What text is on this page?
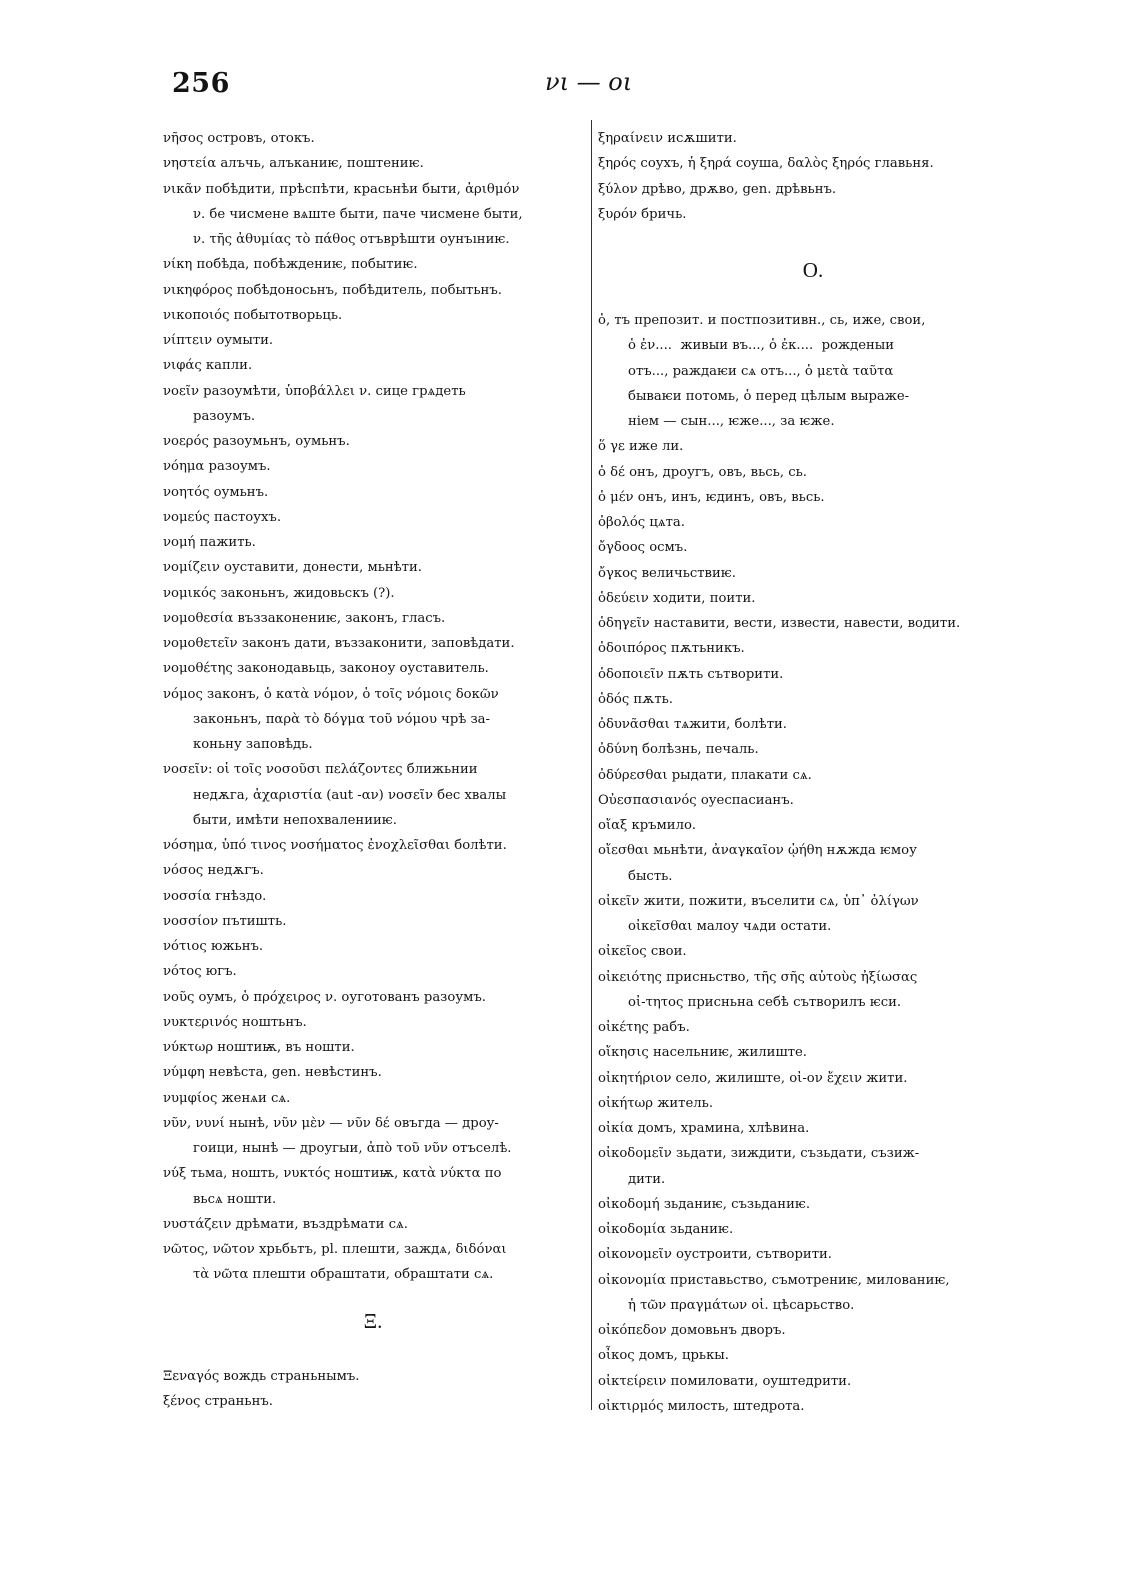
256	νι — οι
νῆσος островъ, отокъ.
νηστεία алъчь, алъканиѥ, поштениѥ.
νικᾶν побѣдити, прѣспѣти, красьнѣи быти, ἀριθμόν
ν. бе чисмене вѧште быти, паче чисмене быти,
ν. τῆς ἀθυμίας τὸ πάθος отъврѣшти оунъıниѥ.
νίκη побѣда, побѣждениѥ, побытиѥ.
νικηφόρος побѣдоносьнъ, побѣдитель, побытьнъ.
νικοποιός побытотворьць.
νίπτειν оумыти.
νιφάς капли.
νοεῖν разоумѣти, ὑποβάλλει ν. сице грѧдеть
разоумъ.
νοερός разоумьнъ, оумьнъ.
νόημα разоумъ.
νοητός оумьнъ.
νομεύς пастоухъ.
νομή пажить.
νομίζειν оуставити, донести, мьнѣти.
νομικός законьнъ, жидовьскъ (?).
νομοθεσία въззаконениѥ, законъ, гласъ.
νομοθετεῖν законъ дати, въззаконити, заповѣдати.
νομοθέτης законодавьць, законоу оуставитель.
νόμος законъ, ὁ κατὰ νόμον, ὁ τοῖς νόμοις δοκῶν
законьнъ, παρὰ τὸ δόγμα τοῦ νόμου чрѣ за-
коньну заповѣдь.
νοσεῖν: οἱ τοῖς νοσοῦσι πελάζοντες ближьнии
недѫга, ἀχαριστία (aut -αν) νοσεῖν бес хвалы
быти, имѣти непохваленииѥ.
νόσημα, ὑπό τινος νοσήματος ἐνοχλεῖσθαι болѣти.
νόσος недѫгъ.
νοσσία гнѣздо.
νοσσίον пътишть.
νότιος южьнъ.
νότος югъ.
νοῦς оумъ, ὁ πρόχειρος ν. оуготованъ разоумъ.
νυκτερινός ноштьнъ.
νύκτωρ ноштиѭ, въ ношти.
νύμφη невѣста, gen. невѣстинъ.
νυμφίος женѧи сѧ.
νῦν, νυνί нынѣ, νῦν μὲν — νῦν δέ овъгда — дроу-
гоици, нынѣ — дроугыи, ἀπὸ τοῦ νῦν отъселѣ.
νύξ тьма, ношть, νυκτός ноштиѭ, κατὰ νύκτα по
вьсѧ ношти.
νυστάζειν дрѣмати, въздрѣмати сѧ.
νῶτος, νῶτον хрьбьтъ, pl. плешти, заждѧ, διδόναι
τὰ νῶτα плешти обраштати, обраштати сѧ.
Ξ.
Ξεναγός вождь страньнымъ.
ξένος страньнъ.
ξηραίνειν исѫшити.
ξηρός соухъ, ἡ ξηρά соуша, δαλὸς ξηρός главьня.
ξύλον дрѣво, дрѫво, gen. дрѣвьнъ.
ξυρόν бричь.
O.
ὁ, тъ препозит. и постпозитивн., сь, иже, свои,
ὁ ἐν....  живыи въ..., ὁ ἐκ....  рожденыи
отъ..., раждаѥи сѧ отъ..., ὁ μετὰ ταῦτα
бываѥи потомь, ὁ перед цѣлым выраже-
нiем — сын..., ѥже..., за ѥже.
ὅ γε иже ли.
ὁ δέ онъ, дроугъ, овъ, вьсь, сь.
ὁ μέν онъ, инъ, ѥдинъ, овъ, вьсь.
ὀβολός цѧта.
ὄγδοος осмъ.
ὄγκος величьствиѥ.
ὁδεύειν ходити, поити.
ὁδηγεῖν наставити, вести, извести, навести, водити.
ὁδοιπόρος пѫтьникъ.
ὁδοποιεῖν пѫть сътворити.
ὁδός пѫть.
ὀδυνᾶσθαι тѧжити, болѣти.
ὀδύνη болѣзнь, печаль.
ὀδύρεσθαι рыдати, плакати сѧ.
Οὐεσπασιανός оуеспасианъ.
οἴαξ кръмило.
οἴεσθαι мьнѣти, ἀναγκαῖον ᾠήθη нѫжда ѥмоу
бысть.
οἰκεῖν жити, пожити, въселити сѧ, ὑπ᾽ ὀλίγων
οἰκεῖσθαι малоу чѧди остати.
οἰκεῖος свои.
οἰκειότης присньство, τῆς σῆς αὐτοὺς ἠξίωσας
οἰ-τητος присньна себѣ сътворилъ ѥси.
οἰκέτης рабъ.
οἴκησις насельниѥ, жилиште.
οἰκητήριον село, жилиште, οἰ-ον ἔχειν жити.
οἰκήτωρ житель.
οἰκία домъ, храмина, хлѣвина.
οἰκοδομεῖν зьдати, зиждити, съзьдати, съзиж-
дити.
οἰκοδομή зьданиѥ, съзьданиѥ.
οἰκοδομία зьданиѥ.
οἰκονομεῖν оустроити, сътворити.
οἰκονομία приставьство, съмотрениѥ, милованиѥ,
ἡ τῶν πραγμάτων οἰ. цѣсарьство.
οἰκόπεδον домовьнъ дворъ.
οἶκος домъ, црькы.
οἰκτείρειν помиловати, оуштедрити.
οἰκτιρμός милость, штедрота.
